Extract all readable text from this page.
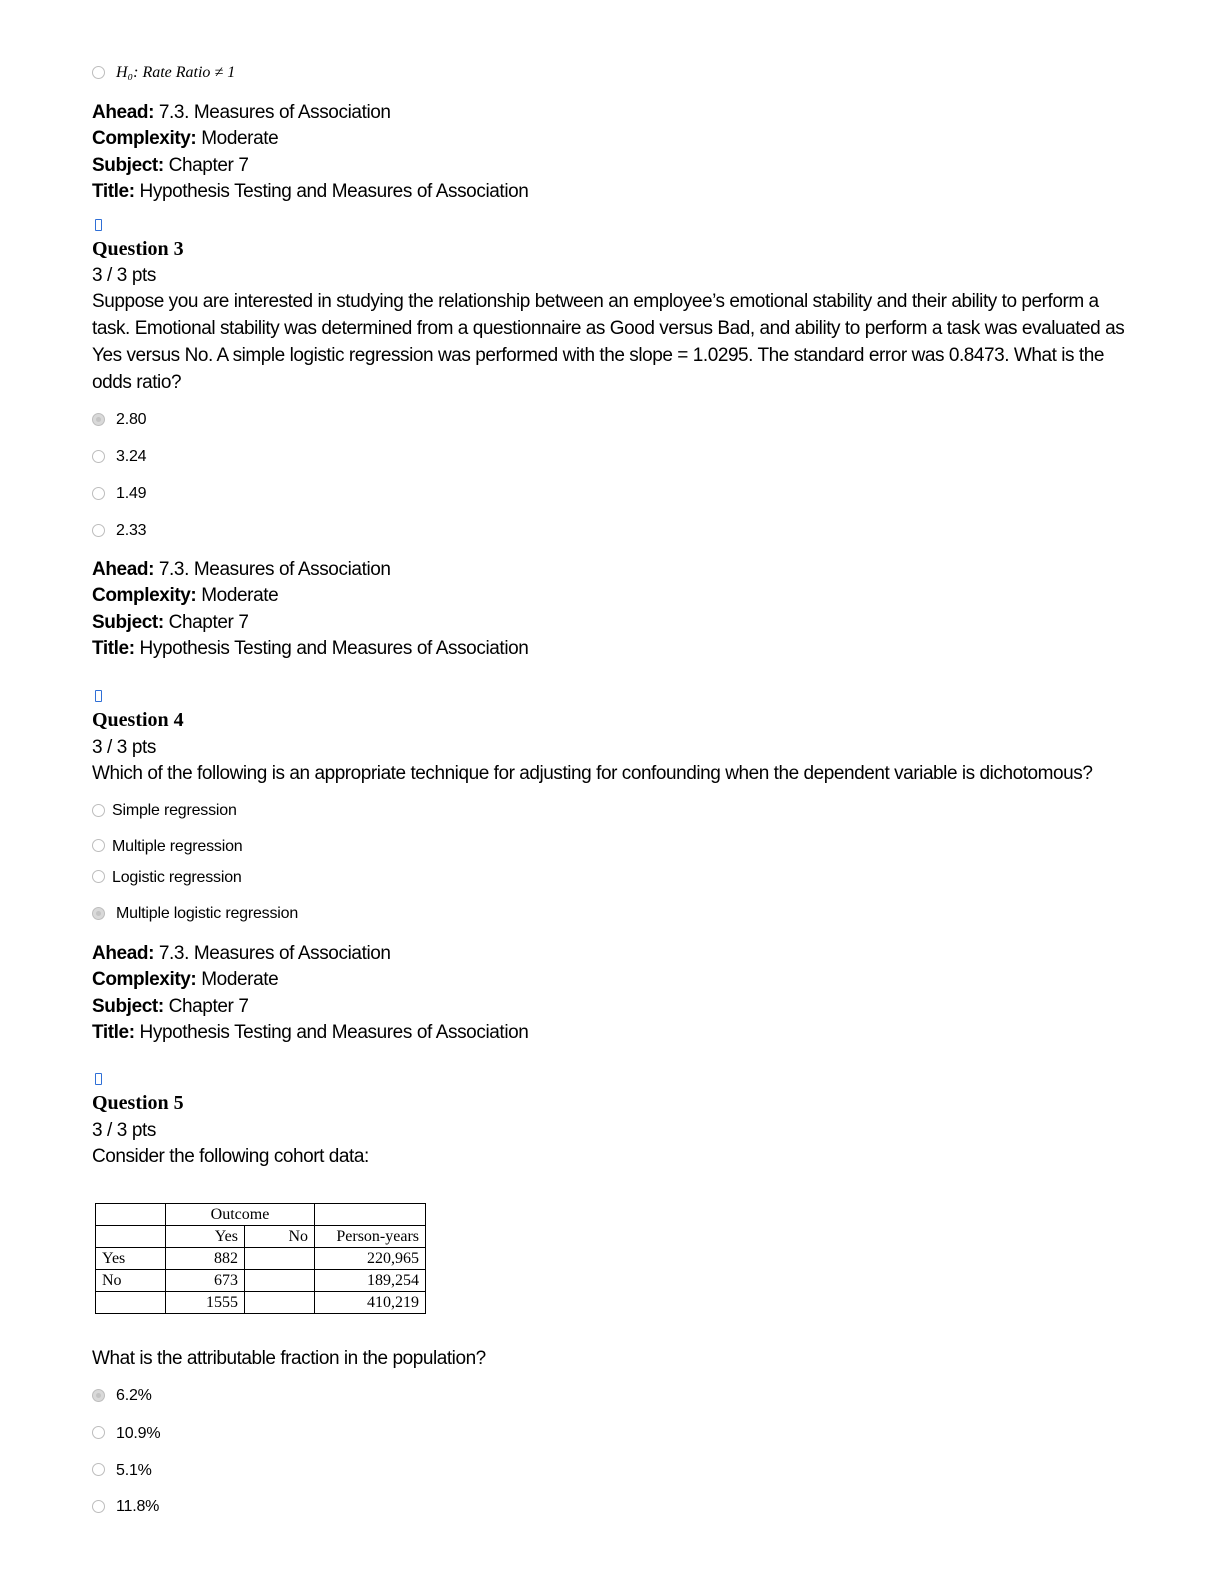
H₀: Rate Ratio ≠ 1
Ahead: 7.3. Measures of Association
Complexity: Moderate
Subject: Chapter 7
Title: Hypothesis Testing and Measures of Association
Question 3
3 / 3 pts
Suppose you are interested in studying the relationship between an employee’s emotional stability and their ability to perform a
task. Emotional stability was determined from a questionnaire as Good versus Bad, and ability to perform a task was evaluated as
Yes versus No. A simple logistic regression was performed with the slope = 1.0295. The standard error was 0.8473. What is the
odds ratio?
2.80
3.24
1.49
2.33
Ahead: 7.3. Measures of Association
Complexity: Moderate
Subject: Chapter 7
Title: Hypothesis Testing and Measures of Association
Question 4
3 / 3 pts
Which of the following is an appropriate technique for adjusting for confounding when the dependent variable is dichotomous?
Simple regression
Multiple regression
Logistic regression
Multiple logistic regression
Ahead: 7.3. Measures of Association
Complexity: Moderate
Subject: Chapter 7
Title: Hypothesis Testing and Measures of Association
Question 5
3 / 3 pts
Consider the following cohort data:
	Outcome		
	Yes	No	Person-years
Yes	882		220,965
No	673		189,254
	1555		410,219
What is the attributable fraction in the population?
6.2%
10.9%
5.1%
11.8%
